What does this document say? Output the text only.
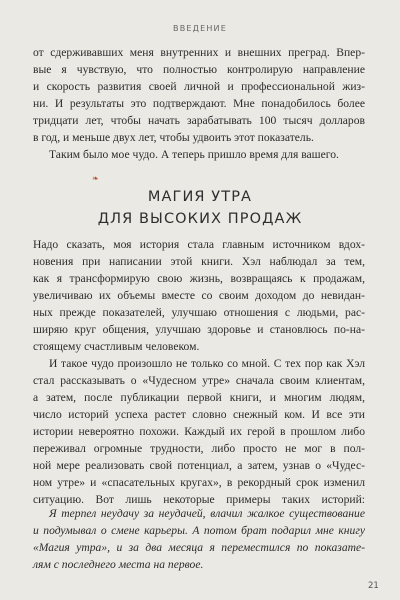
ВВЕДЕНИЕ
от сдерживавших меня внутренних и внешних преград. Впер-
вые я чувствую, что полностью контролирую направление
и скорость развития своей личной и профессиональной жиз-
ни. И результаты это подтверждают. Мне понадобилось более
тридцати лет, чтобы начать зарабатывать 100 тысяч долларов
в год, и меньше двух лет, чтобы удвоить этот показатель.
Таким было мое чудо. А теперь пришло время для вашего.
❧
МАГИЯ УТРА
ДЛЯ ВЫСОКИХ ПРОДАЖ
Надо сказать, моя история стала главным источником вдох-
новения при написании этой книги. Хэл наблюдал за тем,
как я трансформирую свою жизнь, возвращаясь к продажам,
увеличиваю их объемы вместе со своим доходом до невидан-
ных прежде показателей, улучшаю отношения с людьми, рас-
ширяю круг общения, улучшаю здоровье и становлюсь по-на-
стоящему счастливым человеком.
И такое чудо произошло не только со мной. С тех пор как Хэл
стал рассказывать о «Чудесном утре» сначала своим клиентам,
а затем, после публикации первой книги, и многим людям,
число историй успеха растет словно снежный ком. И все эти
истории невероятно похожи. Каждый их герой в прошлом либо
переживал огромные трудности, либо просто не мог в пол-
ной мере реализовать свой потенциал, а затем, узнав о «Чудес-
ном утре» и «спасательных кругах», в рекордный срок изменил
ситуацию. Вот лишь некоторые примеры таких историй:
Я терпел неудачу за неудачей, влачил жалкое существование
и подумывал о смене карьеры. А потом брат подарил мне книгу
«Магия утра», и за два месяца я переместился по показате-
лям с последнего места на первое.
21
